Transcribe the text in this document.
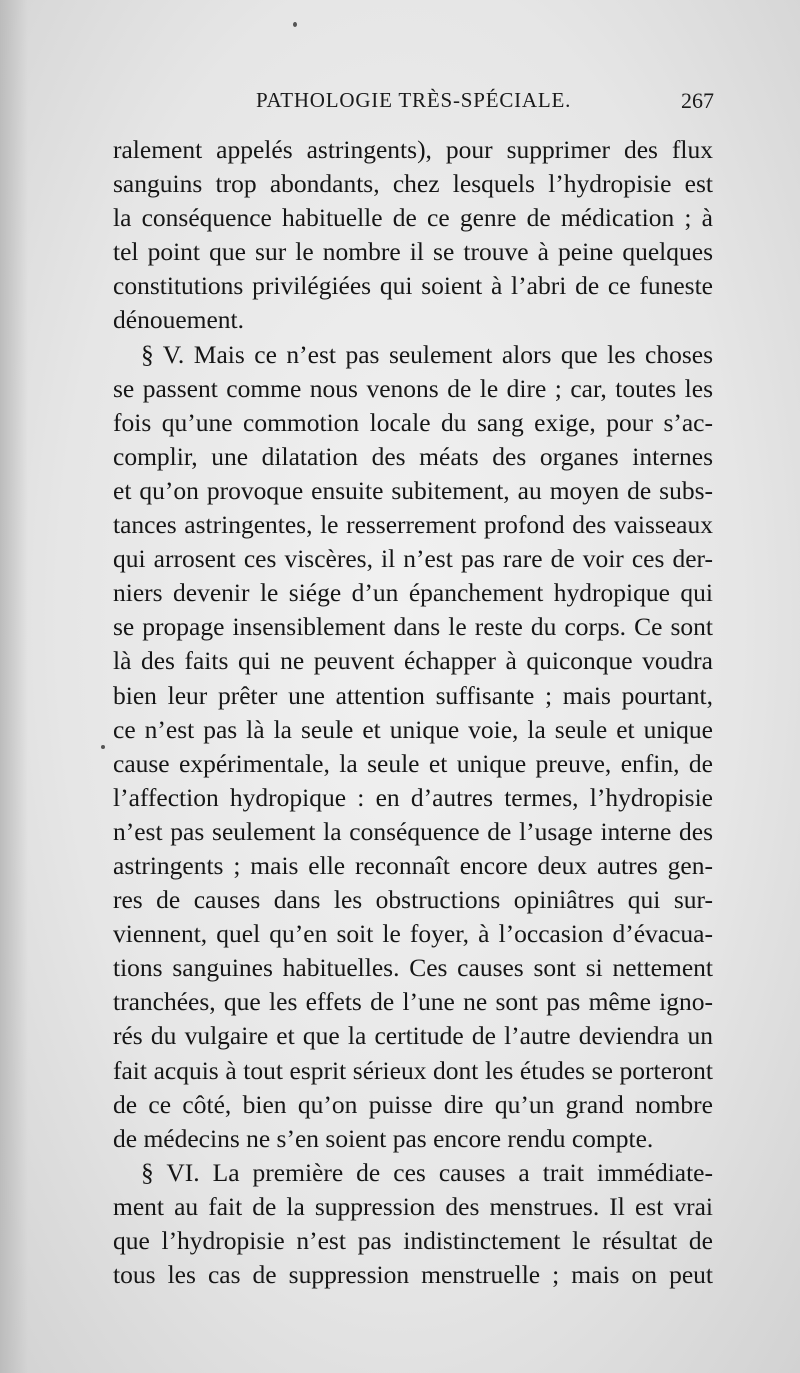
PATHOLOGIE TRÈS-SPÉCIALE.	267
ralement appelés astringents), pour supprimer des flux
sanguins trop abondants, chez lesquels l’hydropisie est
la conséquence habituelle de ce genre de médication ; à
tel point que sur le nombre il se trouve à peine quelques
constitutions privilégiées qui soient à l’abri de ce funeste
dénouement.
§ V. Mais ce n’est pas seulement alors que les choses
se passent comme nous venons de le dire ; car, toutes les
fois qu’une commotion locale du sang exige, pour s’ac-
complir, une dilatation des méats des organes internes
et qu’on provoque ensuite subitement, au moyen de subs-
tances astringentes, le resserrement profond des vaisseaux
qui arrosent ces viscères, il n’est pas rare de voir ces der-
niers devenir le siége d’un épanchement hydropique qui
se propage insensiblement dans le reste du corps. Ce sont
là des faits qui ne peuvent échapper à quiconque voudra
bien leur prêter une attention suffisante ; mais pourtant,
ce n’est pas là la seule et unique voie, la seule et unique
cause expérimentale, la seule et unique preuve, enfin, de
l’affection hydropique : en d’autres termes, l’hydropisie
n’est pas seulement la conséquence de l’usage interne des
astringents ; mais elle reconnaît encore deux autres gen-
res de causes dans les obstructions opiniâtres qui sur-
viennent, quel qu’en soit le foyer, à l’occasion d’évacua-
tions sanguines habituelles. Ces causes sont si nettement
tranchées, que les effets de l’une ne sont pas même igno-
rés du vulgaire et que la certitude de l’autre deviendra un
fait acquis à tout esprit sérieux dont les études se porteront
de ce côté, bien qu’on puisse dire qu’un grand nombre
de médecins ne s’en soient pas encore rendu compte.
§ VI. La première de ces causes a trait immédiate-
ment au fait de la suppression des menstrues. Il est vrai
que l’hydropisie n’est pas indistinctement le résultat de
tous les cas de suppression menstruelle ; mais on peut
